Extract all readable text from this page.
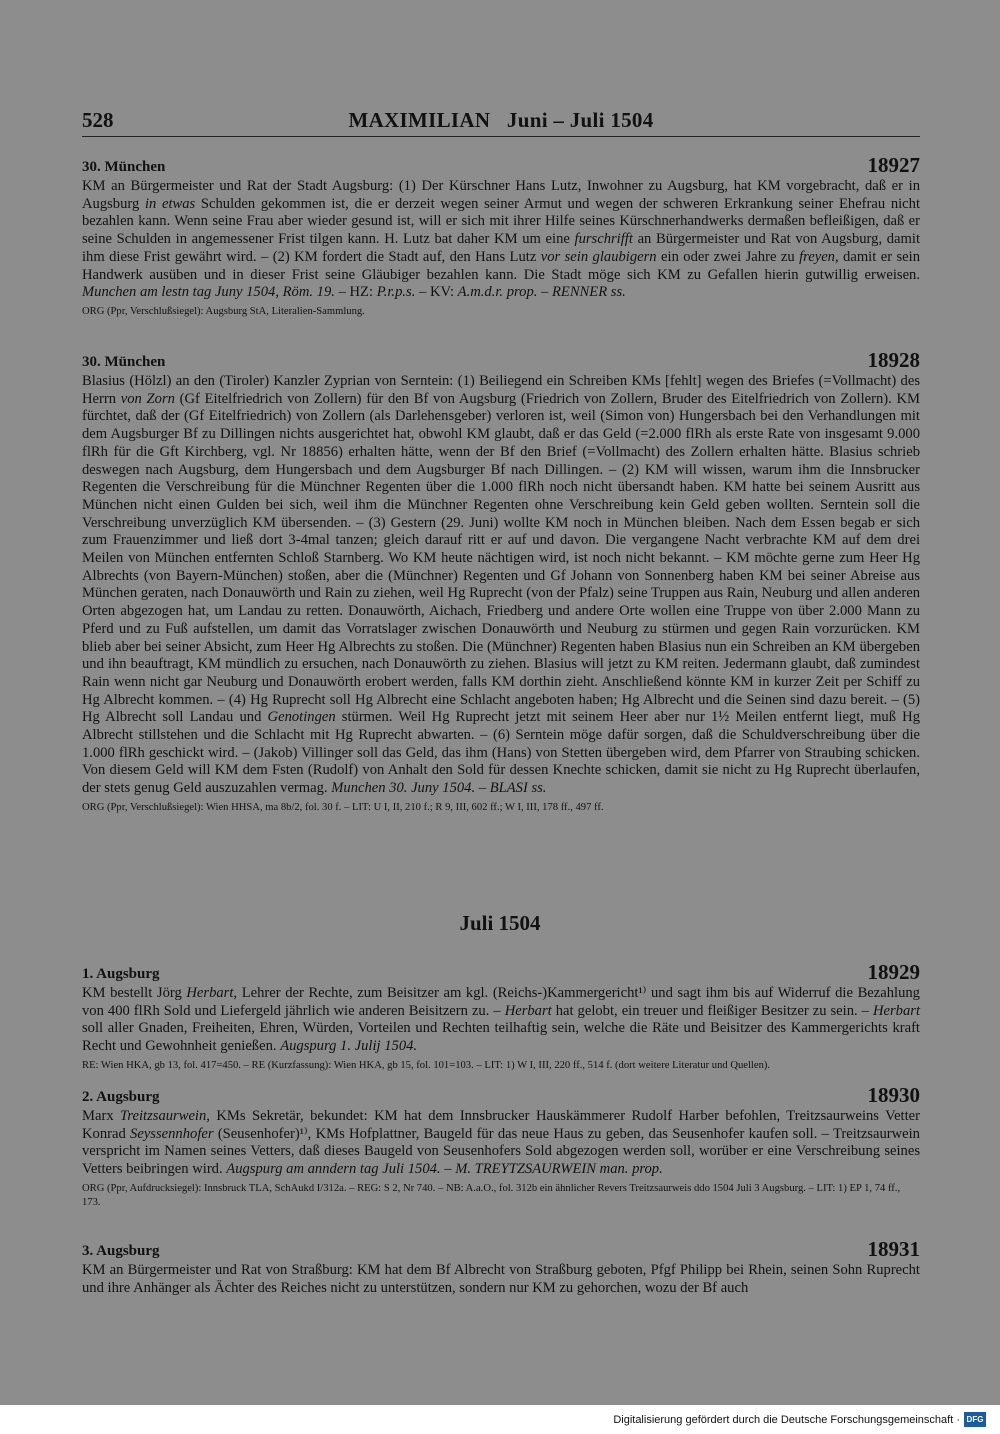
528	MAXIMILIAN   Juni – Juli 1504
30. München	18927
KM an Bürgermeister und Rat der Stadt Augsburg: (1) Der Kürschner Hans Lutz, Inwohner zu Augsburg, hat KM vorgebracht, daß er in Augsburg in etwas Schulden gekommen ist, die er derzeit wegen seiner Armut und wegen der schweren Erkrankung seiner Ehefrau nicht bezahlen kann. Wenn seine Frau aber wieder gesund ist, will er sich mit ihrer Hilfe seines Kürschnerhandwerks dermaßen befleißigen, daß er seine Schulden in angemessener Frist tilgen kann. H. Lutz bat daher KM um eine furschrifft an Bürgermeister und Rat von Augsburg, damit ihm diese Frist gewährt wird. – (2) KM fordert die Stadt auf, den Hans Lutz vor sein glaubigern ein oder zwei Jahre zu freyen, damit er sein Handwerk ausüben und in dieser Frist seine Gläubiger bezahlen kann. Die Stadt möge sich KM zu Gefallen hierin gutwillig erweisen. Munchen am lestn tag Juny 1504, Röm. 19. – HZ: P.r.p.s. – KV: A.m.d.r. prop. – RENNER ss.
ORG (Ppr, Verschlußsiegel): Augsburg StA, Literalien-Sammlung.
30. München	18928
Blasius (Hölzl) an den (Tiroler) Kanzler Zyprian von Serntein: (1) Beiliegend ein Schreiben KMs [fehlt] wegen des Briefes (=Vollmacht) des Herrn von Zorn (Gf Eitelfriedrich von Zollern) für den Bf von Augsburg (Friedrich von Zollern, Bruder des Eitelfriedrich von Zollern). KM fürchtet, daß der (Gf Eitelfriedrich) von Zollern (als Darlehensgeber) verloren ist, weil (Simon von) Hungersbach bei den Verhandlungen mit dem Augsburger Bf zu Dillingen nichts ausgerichtet hat, obwohl KM glaubt, daß er das Geld (=2.000 flRh als erste Rate von insgesamt 9.000 flRh für die Gft Kirchberg, vgl. Nr 18856) erhalten hätte, wenn der Bf den Brief (=Vollmacht) des Zollern erhalten hätte. Blasius schrieb deswegen nach Augsburg, dem Hungersbach und dem Augsburger Bf nach Dillingen. – (2) KM will wissen, warum ihm die Innsbrucker Regenten die Verschreibung für die Münchner Regenten über die 1.000 flRh noch nicht übersandt haben. KM hatte bei seinem Ausritt aus München nicht einen Gulden bei sich, weil ihm die Münchner Regenten ohne Verschreibung kein Geld geben wollten. Serntein soll die Verschreibung unverzüglich KM übersenden. – (3) Gestern (29. Juni) wollte KM noch in München bleiben. Nach dem Essen begab er sich zum Frauenzimmer und ließ dort 3-4mal tanzen; gleich darauf ritt er auf und davon. Die vergangene Nacht verbrachte KM auf dem drei Meilen von München entfernten Schloß Starnberg. Wo KM heute nächtigen wird, ist noch nicht bekannt. – KM möchte gerne zum Heer Hg Albrechts (von Bayern-München) stoßen, aber die (Münchner) Regenten und Gf Johann von Sonnenberg haben KM bei seiner Abreise aus München geraten, nach Donauwörth und Rain zu ziehen, weil Hg Ruprecht (von der Pfalz) seine Truppen aus Rain, Neuburg und allen anderen Orten abgezogen hat, um Landau zu retten. Donauwörth, Aichach, Friedberg und andere Orte wollen eine Truppe von über 2.000 Mann zu Pferd und zu Fuß aufstellen, um damit das Vorratslager zwischen Donauwörth und Neuburg zu stürmen und gegen Rain vorzurücken. KM blieb aber bei seiner Absicht, zum Heer Hg Albrechts zu stoßen. Die (Münchner) Regenten haben Blasius nun ein Schreiben an KM übergeben und ihn beauftragt, KM mündlich zu ersuchen, nach Donauwörth zu ziehen. Blasius will jetzt zu KM reiten. Jedermann glaubt, daß zumindest Rain wenn nicht gar Neuburg und Donauwörth erobert werden, falls KM dorthin zieht. Anschließend könnte KM in kurzer Zeit per Schiff zu Hg Albrecht kommen. – (4) Hg Ruprecht soll Hg Albrecht eine Schlacht angeboten haben; Hg Albrecht und die Seinen sind dazu bereit. – (5) Hg Albrecht soll Landau und Genotingen stürmen. Weil Hg Ruprecht jetzt mit seinem Heer aber nur 1½ Meilen entfernt liegt, muß Hg Albrecht stillstehen und die Schlacht mit Hg Ruprecht abwarten. – (6) Serntein möge dafür sorgen, daß die Schuldverschreibung über die 1.000 flRh geschickt wird. – (Jakob) Villinger soll das Geld, das ihm (Hans) von Stetten übergeben wird, dem Pfarrer von Straubing schicken. Von diesem Geld will KM dem Fsten (Rudolf) von Anhalt den Sold für dessen Knechte schicken, damit sie nicht zu Hg Ruprecht überlaufen, der stets genug Geld auszuzahlen vermag. Munchen 30. Juny 1504. – BLASI ss.
ORG (Ppr, Verschlußsiegel): Wien HHSA, ma 8b/2, fol. 30 f. – LIT: U I, II, 210 f.; R 9, III, 602 ff.; W I, III, 178 ff., 497 ff.
Juli 1504
1. Augsburg	18929
KM bestellt Jörg Herbart, Lehrer der Rechte, zum Beisitzer am kgl. (Reichs-)Kammergericht¹⁾ und sagt ihm bis auf Widerruf die Bezahlung von 400 flRh Sold und Liefergeld jährlich wie anderen Beisitzern zu. – Herbart hat gelobt, ein treuer und fleißiger Besitzer zu sein. – Herbart soll aller Gnaden, Freiheiten, Ehren, Würden, Vorteilen und Rechten teilhaftig sein, welche die Räte und Beisitzer des Kammergerichts kraft Recht und Gewohnheit genießen. Augspurg 1. Julij 1504.
RE: Wien HKA, gb 13, fol. 417=450. – RE (Kurzfassung): Wien HKA, gb 15, fol. 101=103. – LIT: 1) W I, III, 220 ff., 514 f. (dort weitere Literatur und Quellen).
2. Augsburg	18930
Marx Treitzsaurwein, KMs Sekretär, bekundet: KM hat dem Innsbrucker Hauskämmerer Rudolf Harber befohlen, Treitzsaurweins Vetter Konrad Seyssennhofer (Seusenhofer)¹⁾, KMs Hofplattner, Baugeld für das neue Haus zu geben, das Seusenhofer kaufen soll. – Treitzsaurwein verspricht im Namen seines Vetters, daß dieses Baugeld von Seusenhofers Sold abgezogen werden soll, worüber er eine Verschreibung seines Vetters beibringen wird. Augspurg am anndern tag Juli 1504. – M. TREYTZSAURWEIN man. prop.
ORG (Ppr, Aufdrucksiegel): Innsbruck TLA, SchAukd I/312a. – REG: S 2, Nr 740. – NB: A.a.O., fol. 312b ein ähnlicher Revers Treitzsaurweis ddo 1504 Juli 3 Augsburg. – LIT: 1) EP 1, 74 ff., 173.
3. Augsburg	18931
KM an Bürgermeister und Rat von Straßburg: KM hat dem Bf Albrecht von Straßburg geboten, Pfgf Philipp bei Rhein, seinen Sohn Ruprecht und ihre Anhänger als Ächter des Reiches nicht zu unterstützen, sondern nur KM zu gehorchen, wozu der Bf auch
Digitalisierung gefördert durch die Deutsche Forschungsgemeinschaft · DFG
